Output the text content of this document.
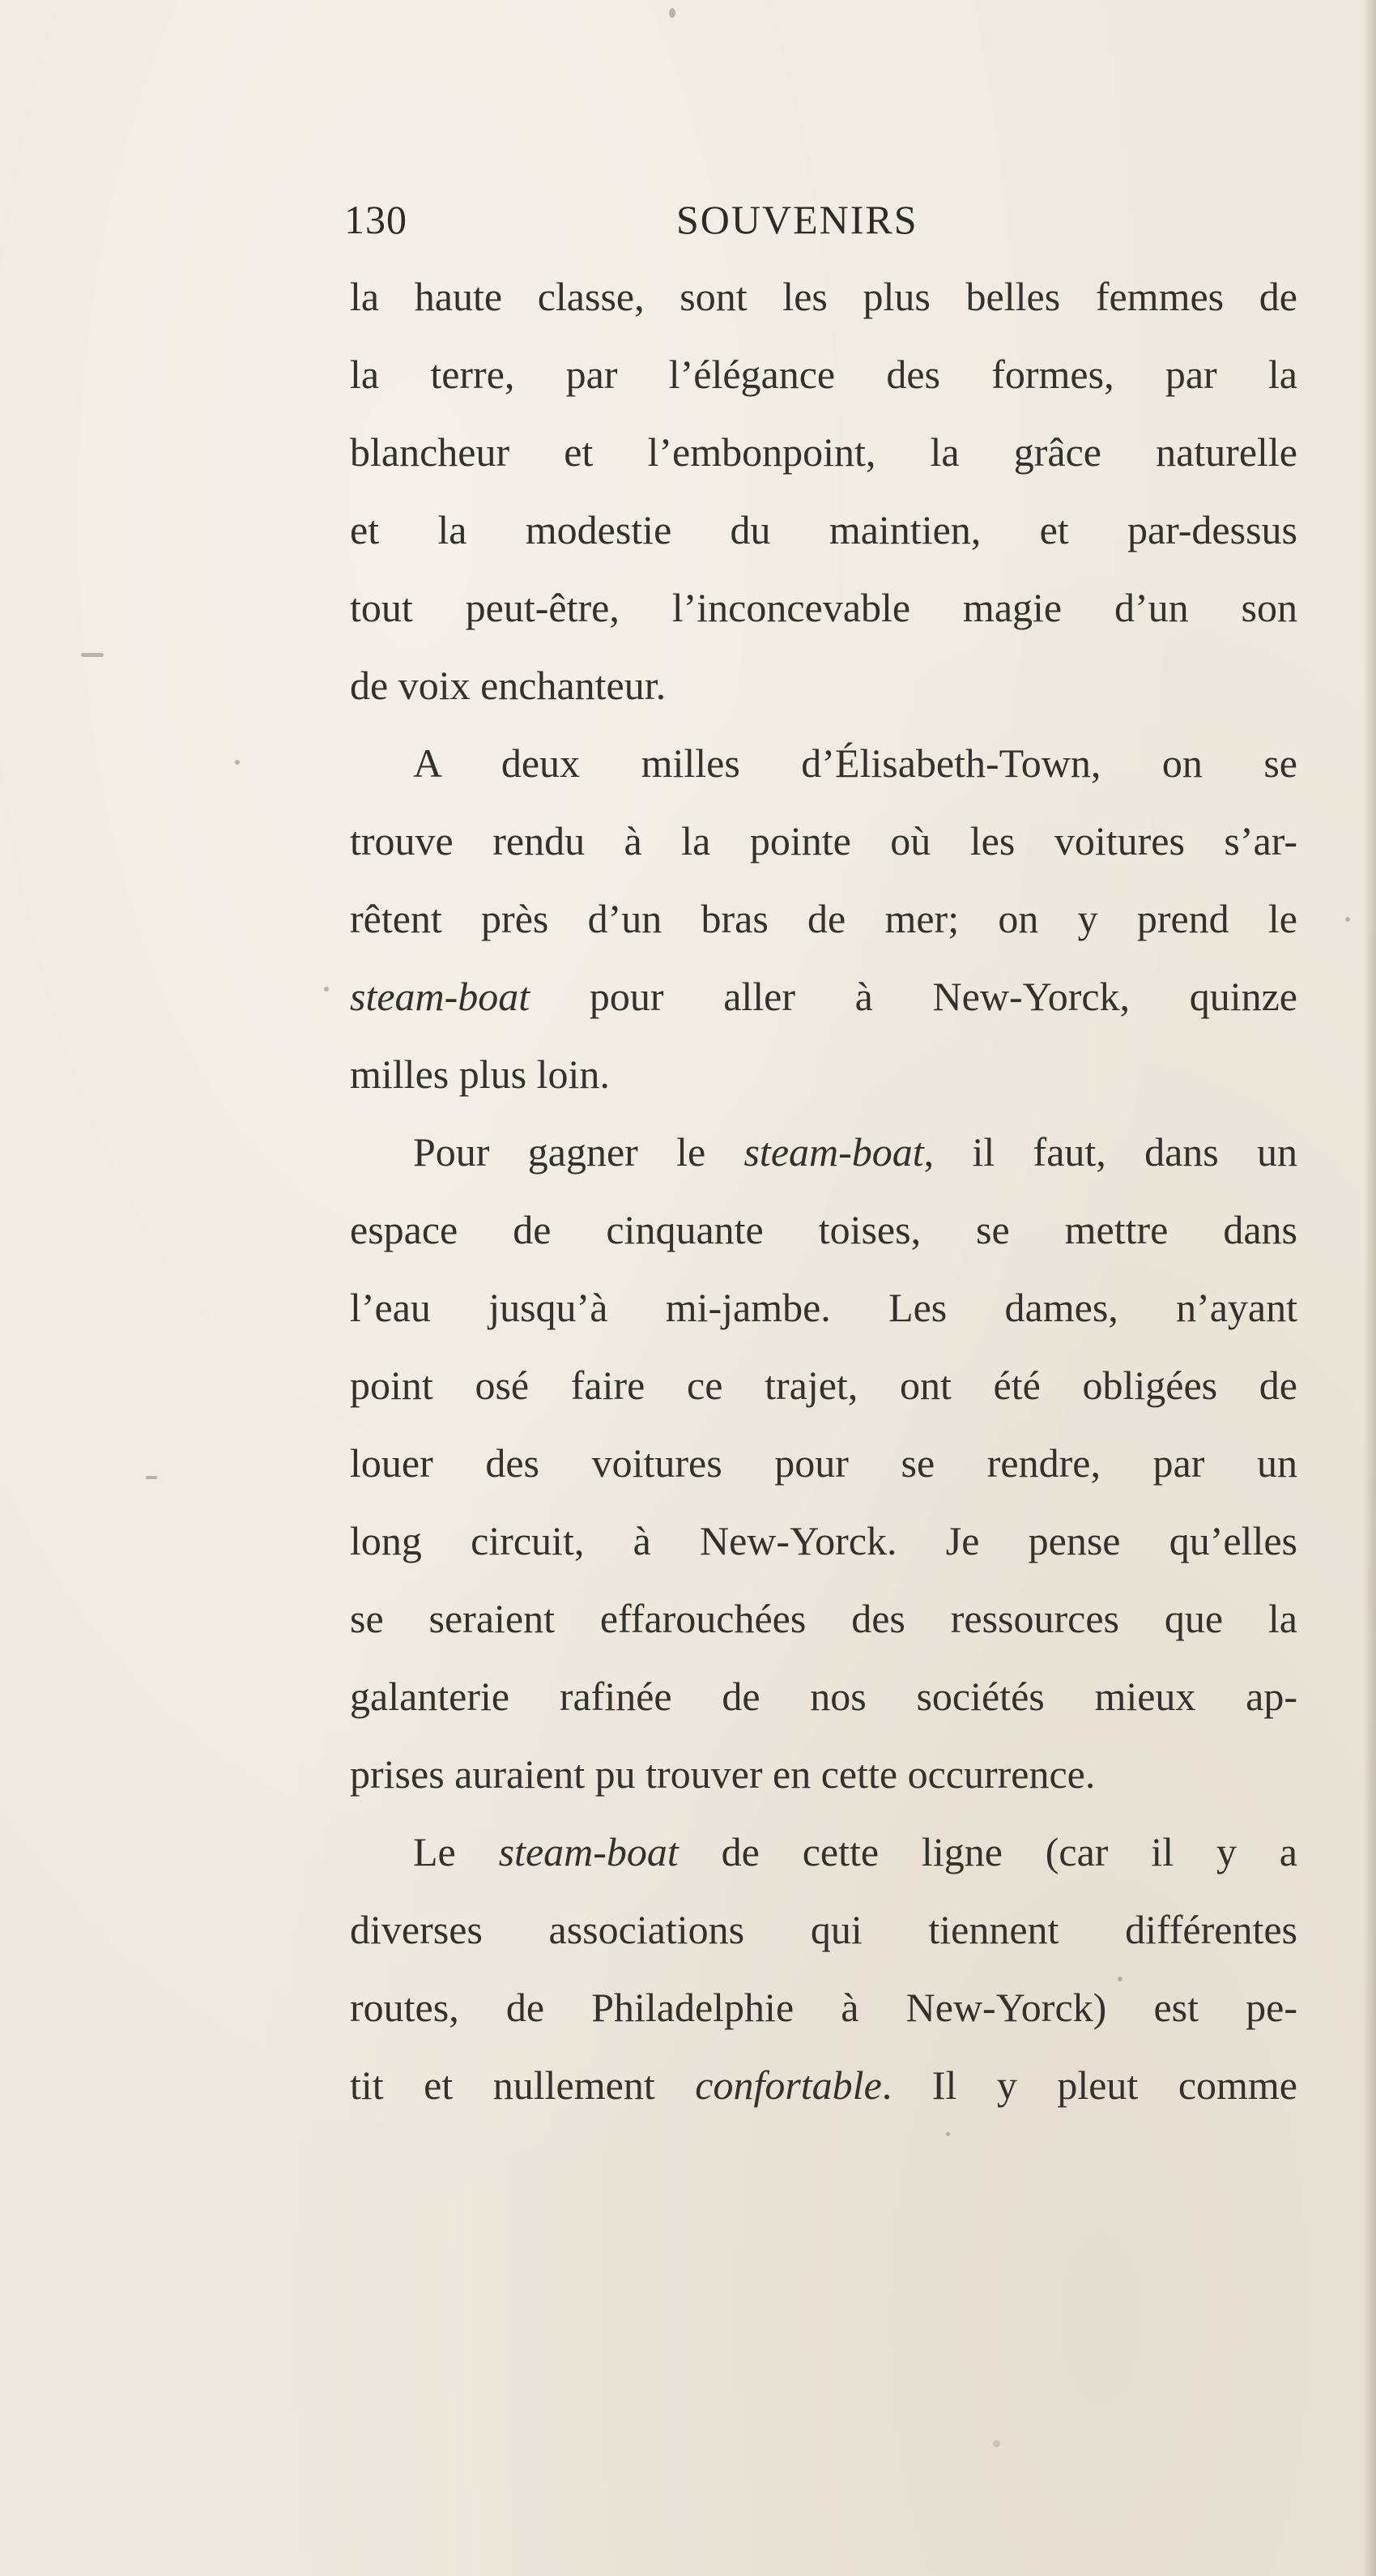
130	SOUVENIRS
la haute classe, sont les plus belles femmes de
la terre, par l’élégance des formes, par la
blancheur et l’embonpoint, la grâce naturelle
et la modestie du maintien, et par-dessus
tout peut-être, l’inconcevable magie d’un son
de voix enchanteur.
A deux milles d’Élisabeth-Town, on se
trouve rendu à la pointe où les voitures s’ar-
rêtent près d’un bras de mer; on y prend le
steam-boat pour aller à New-Yorck, quinze
milles plus loin.
Pour gagner le steam-boat, il faut, dans un
espace de cinquante toises, se mettre dans
l’eau jusqu’à mi-jambe. Les dames, n’ayant
point osé faire ce trajet, ont été obligées de
louer des voitures pour se rendre, par un
long circuit, à New-Yorck. Je pense qu’elles
se seraient effarouchées des ressources que la
galanterie rafinée de nos sociétés mieux ap-
prises auraient pu trouver en cette occurrence.
Le steam-boat de cette ligne (car il y a
diverses associations qui tiennent différentes
routes, de Philadelphie à New-Yorck) est pe-
tit et nullement confortable. Il y pleut comme
